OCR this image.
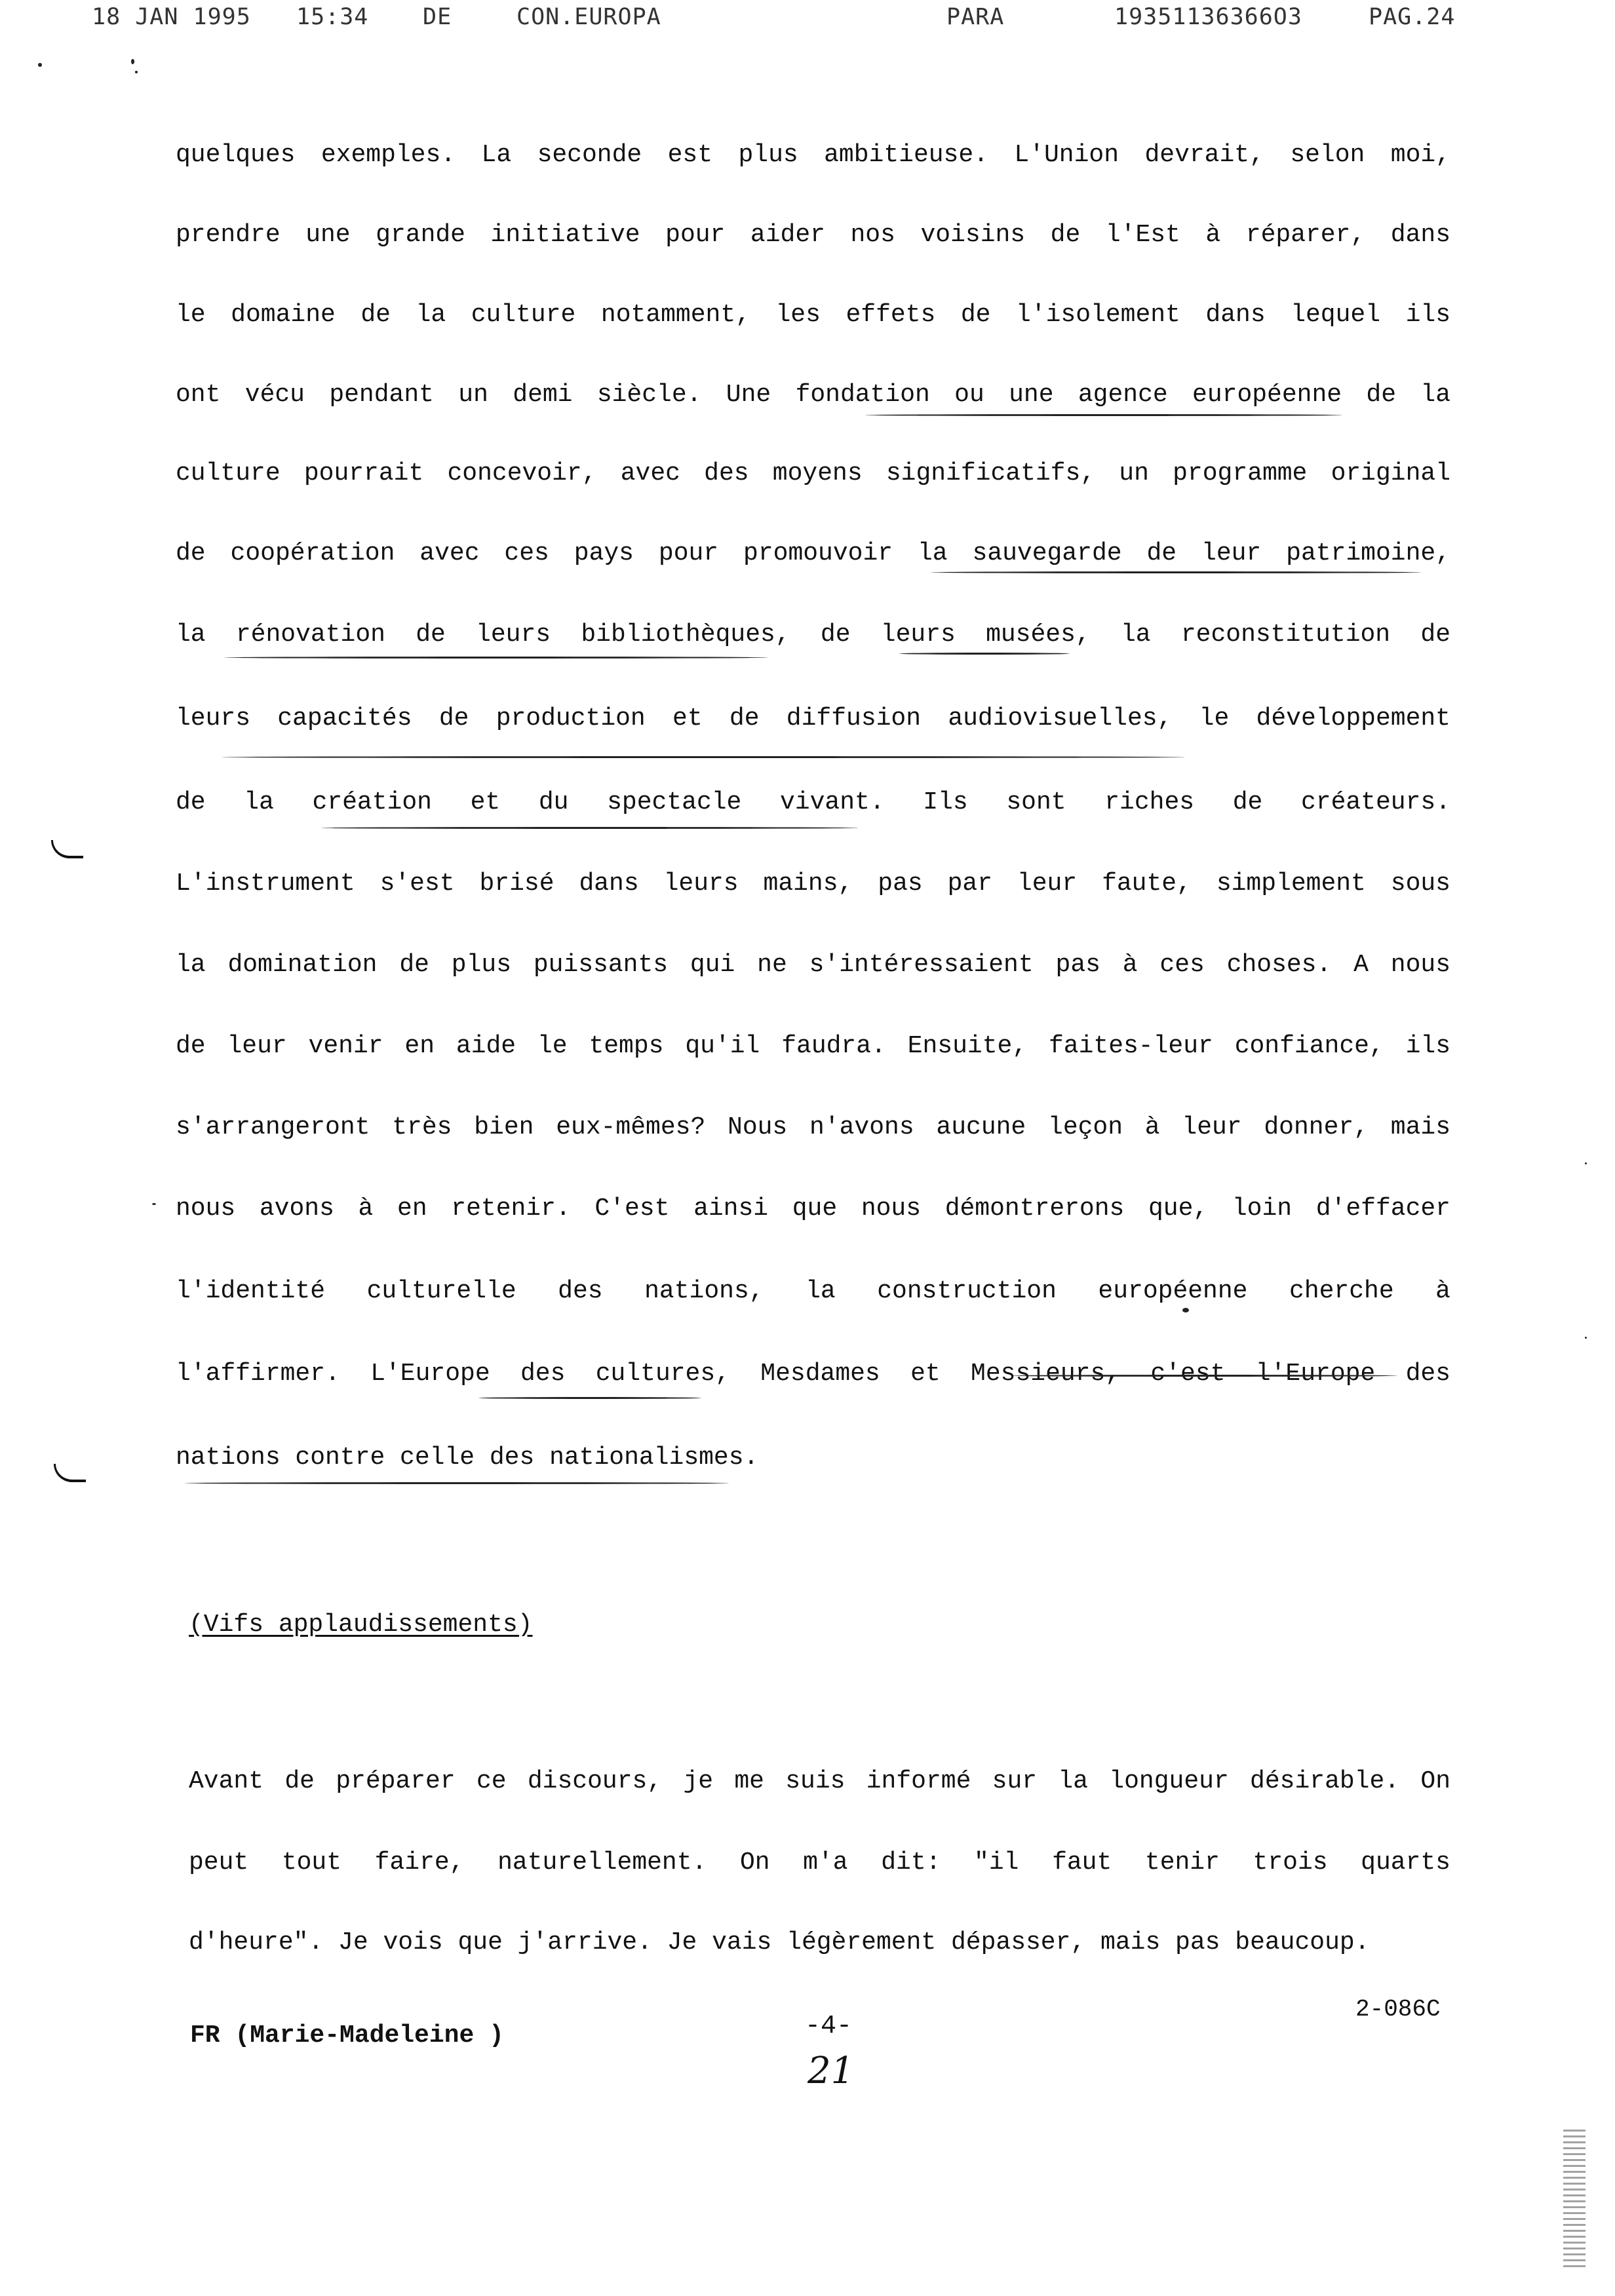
18 JAN 1995 15:34 DE	CON.EUROPA	PARA	19351136366O3	PAG.24
quelques exemples. La seconde est plus ambitieuse. L'Union devrait, selon moi,
prendre une grande initiative pour aider nos voisins de l'Est à réparer, dans
le domaine de la culture notamment, les effets de l'isolement dans lequel ils
ont vécu pendant un demi siècle. Une fondation ou une agence européenne de la
culture pourrait concevoir, avec des moyens significatifs, un programme original
de coopération avec ces pays pour promouvoir la sauvegarde de leur patrimoine,
la rénovation de leurs bibliothèques, de leurs musées, la reconstitution de
leurs capacités de production et de diffusion audiovisuelles, le développement
de la création et du spectacle vivant. Ils sont riches de créateurs.
L'instrument s'est brisé dans leurs mains, pas par leur faute, simplement sous
la domination de plus puissants qui ne s'intéressaient pas à ces choses. A nous
de leur venir en aide le temps qu'il faudra. Ensuite, faites-leur confiance, ils
s'arrangeront très bien eux-mêmes? Nous n'avons aucune leçon à leur donner, mais
nous avons à en retenir. C'est ainsi que nous démontrerons que, loin d'effacer
l'identité culturelle des nations, la construction européenne cherche à
l'affirmer. L'Europe des cultures, Mesdames et Messieurs, c'est l'Europe des
nations contre celle des nationalismes.
(Vifs applaudissements)
Avant de préparer ce discours, je me suis informé sur la longueur désirable. On
peut tout faire, naturellement. On m'a dit: "il faut tenir trois quarts
d'heure". Je vois que j'arrive. Je vais légèrement dépasser, mais pas beaucoup.
FR (Marie-Madeleine )	-4-
2-086C
21
